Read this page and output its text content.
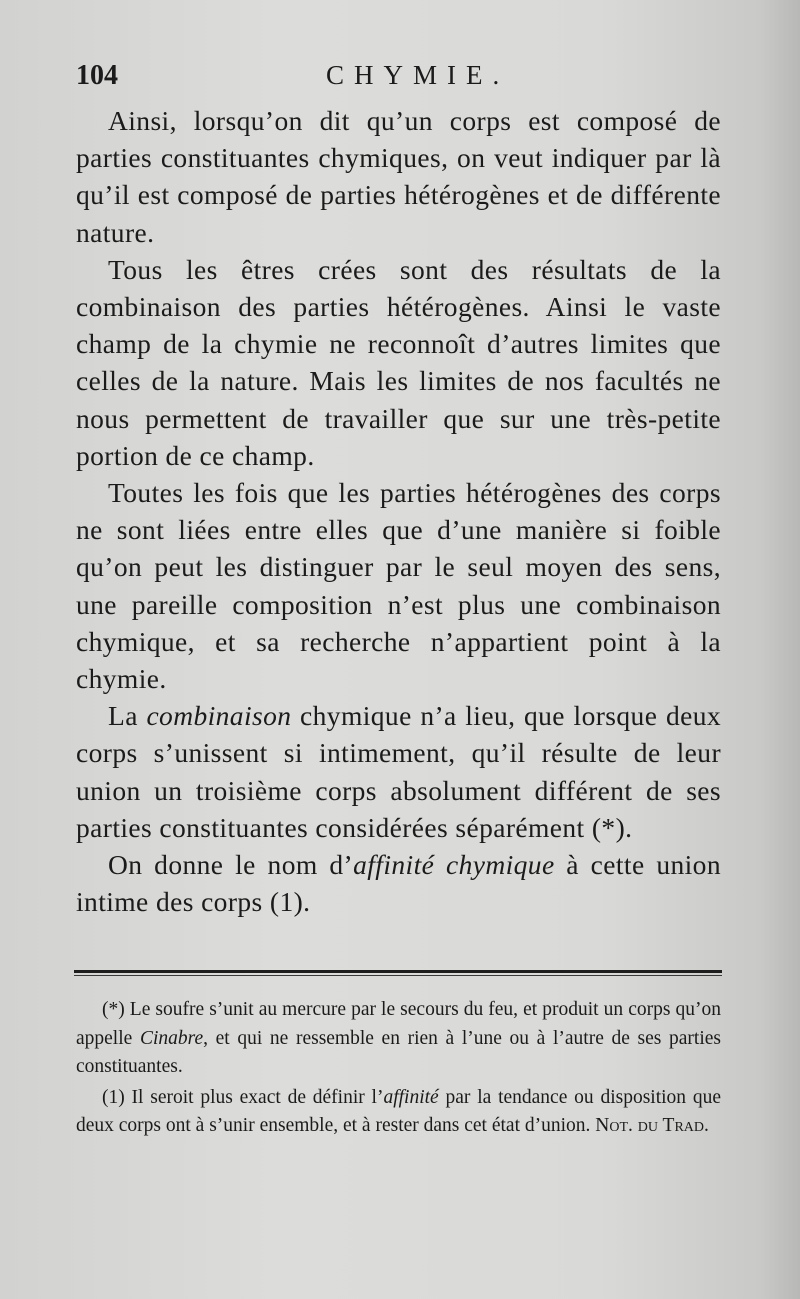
104	CHYMIE.

Ainsi, lorsqu’on dit qu’un corps est composé de parties constituantes chymiques, on veut indiquer par là qu’il est composé de parties hétérogènes et de différente nature.

Tous les êtres crées sont des résultats de la combinaison des parties hétérogènes. Ainsi le vaste champ de la chymie ne reconnoît d’autres limites que celles de la nature. Mais les limites de nos facultés ne nous permettent de travailler que sur une très-petite portion de ce champ.

Toutes les fois que les parties hétérogènes des corps ne sont liées entre elles que d’une manière si foible qu’on peut les distinguer par le seul moyen des sens, une pareille composition n’est plus une combinaison chymique, et sa recherche n’appartient point à la chymie.

La combinaison chymique n’a lieu, que lorsque deux corps s’unissent si intimement, qu’il résulte de leur union un troisième corps absolument différent de ses parties constituantes considérées séparément (*).

On donne le nom d’affinité chymique à cette union intime des corps (1).

(*) Le soufre s’unit au mercure par le secours du feu, et produit un corps qu’on appelle Cinabre, et qui ne ressemble en rien à l’une ou à l’autre de ses parties constituantes.

(1) Il seroit plus exact de définir l’affinité par la tendance ou disposition que deux corps ont à s’unir ensemble, et à rester dans cet état d’union. Not. du Trad.
